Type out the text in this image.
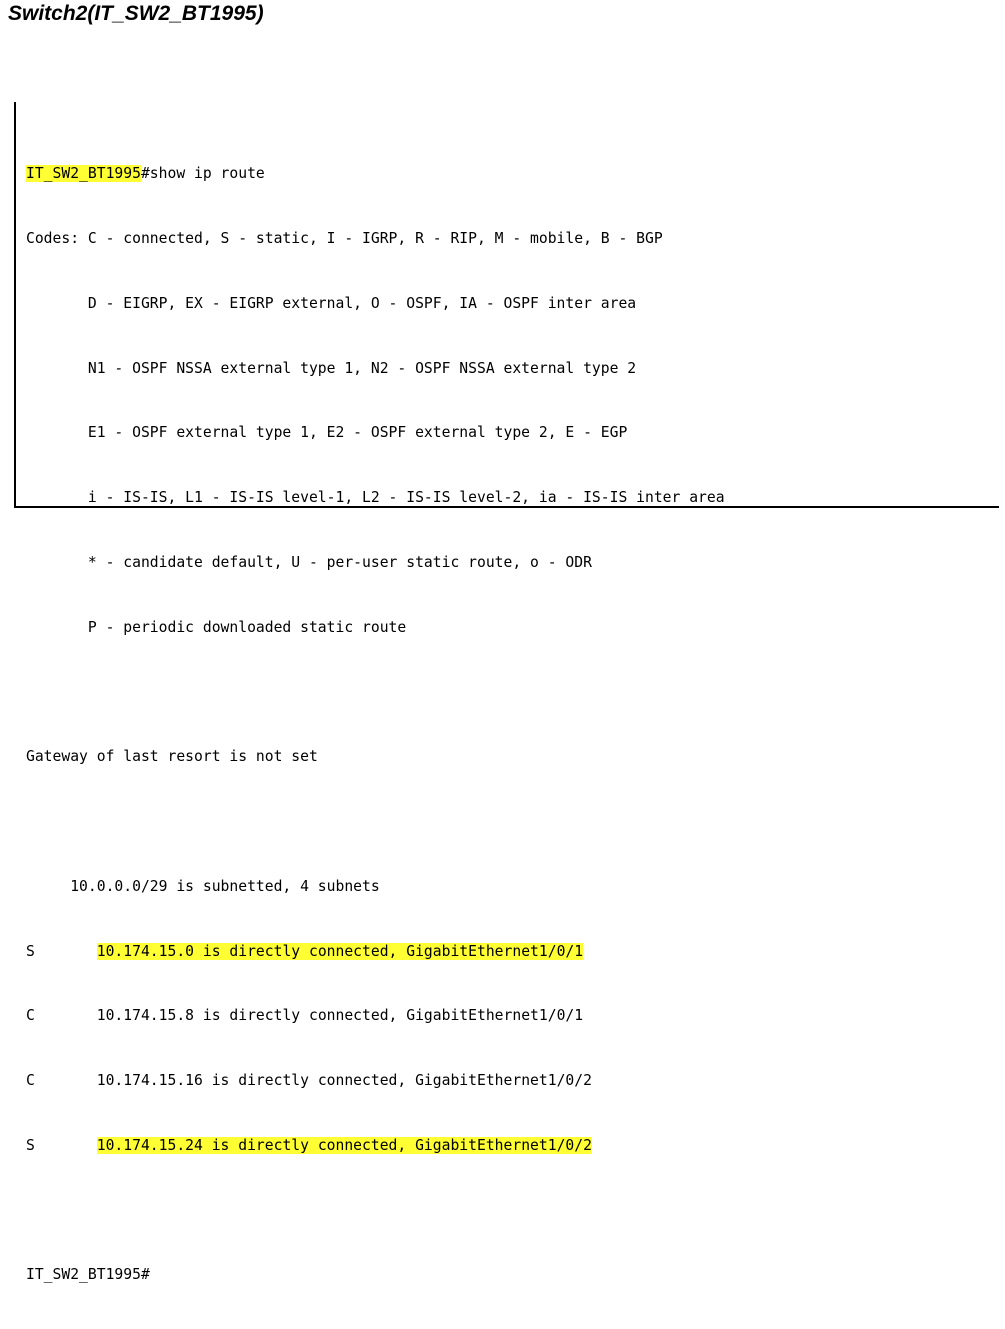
Switch2(IT_SW2_BT1995)

IT_SW2_BT1995#show ip route

Codes: C - connected, S - static, I - IGRP, R - RIP, M - mobile, B - BGP

D - EIGRP, EX - EIGRP external, O - OSPF, IA - OSPF inter area

N1 - OSPF NSSA external type 1, N2 - OSPF NSSA external type 2

E1 - OSPF external type 1, E2 - OSPF external type 2, E - EGP

i - IS-IS, L1 - IS-IS level-1, L2 - IS-IS level-2, ia - IS-IS inter area

* - candidate default, U - per-user static route, o - ODR

P - periodic downloaded static route

Gateway of last resort is not set

10.0.0.0/29 is subnetted, 4 subnets

S	10.174.15.0 is directly connected, GigabitEthernet1/0/1

C	10.174.15.8 is directly connected, GigabitEthernet1/0/1

C	10.174.15.16 is directly connected, GigabitEthernet1/0/2

S	10.174.15.24 is directly connected, GigabitEthernet1/0/2

IT_SW2_BT1995#
